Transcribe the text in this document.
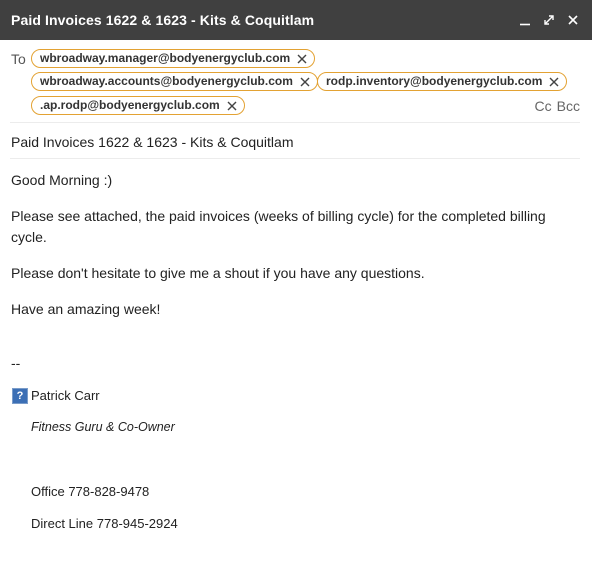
Paid Invoices 1622 & 1623 - Kits & Coquitlam
To wbroadway.manager@bodyenergyclub.com
wbroadway.accounts@bodyenergyclub.com	rodp.inventory@bodyenergyclub.com
.ap.rodp@bodyenergyclub.com	Cc Bcc
Paid Invoices 1622 & 1623 - Kits & Coquitlam
Good Morning :)
Please see attached, the paid invoices (weeks of billing cycle) for the completed billing cycle.
Please don't hesitate to give me a shout if you have any questions.
Have an amazing week!
--
? Patrick Carr
Fitness Guru & Co-Owner
Office 778-828-9478
Direct Line 778-945-2924
